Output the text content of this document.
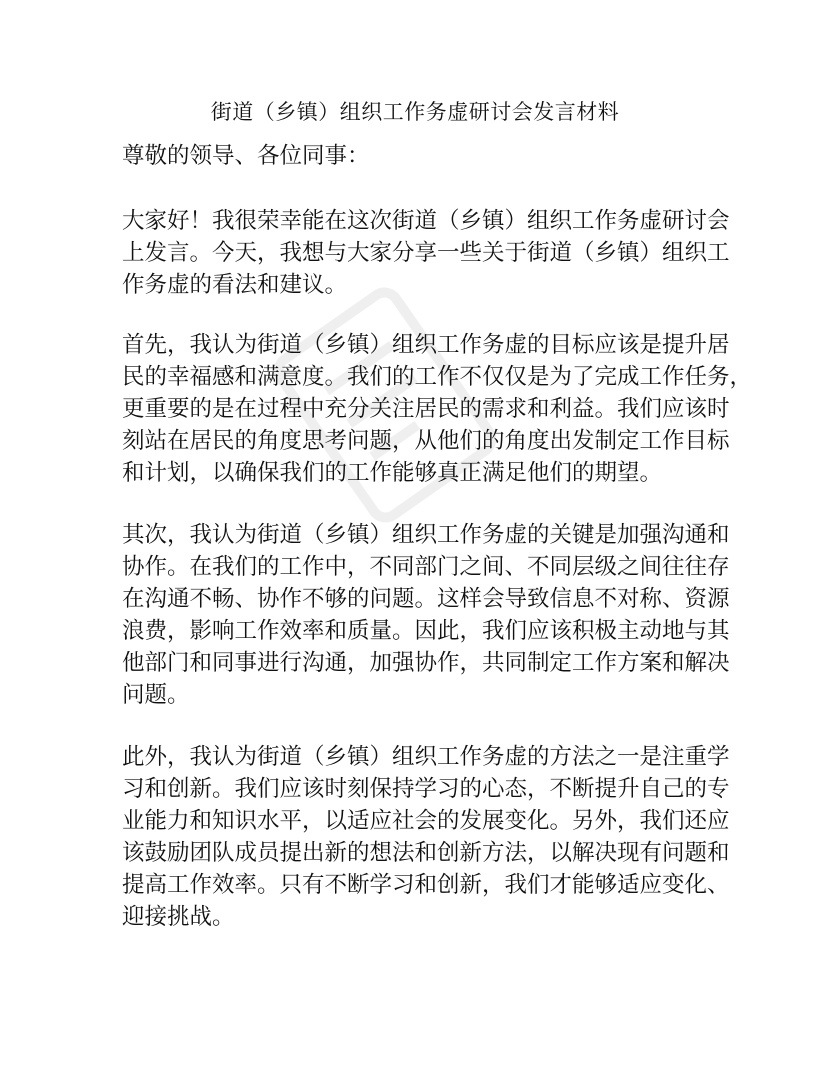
街道（乡镇）组织工作务虚研讨会发言材料
尊敬的领导、各位同事：
大家好！我很荣幸能在这次街道（乡镇）组织工作务虚研讨会
上发言。今天，我想与大家分享一些关于街道（乡镇）组织工
作务虚的看法和建议。
首先，我认为街道（乡镇）组织工作务虚的目标应该是提升居
民的幸福感和满意度。我们的工作不仅仅是为了完成工作任务，
更重要的是在过程中充分关注居民的需求和利益。我们应该时
刻站在居民的角度思考问题，从他们的角度出发制定工作目标
和计划，以确保我们的工作能够真正满足他们的期望。
其次，我认为街道（乡镇）组织工作务虚的关键是加强沟通和
协作。在我们的工作中，不同部门之间、不同层级之间往往存
在沟通不畅、协作不够的问题。这样会导致信息不对称、资源
浪费，影响工作效率和质量。因此，我们应该积极主动地与其
他部门和同事进行沟通，加强协作，共同制定工作方案和解决
问题。
此外，我认为街道（乡镇）组织工作务虚的方法之一是注重学
习和创新。我们应该时刻保持学习的心态，不断提升自己的专
业能力和知识水平，以适应社会的发展变化。另外，我们还应
该鼓励团队成员提出新的想法和创新方法，以解决现有问题和
提高工作效率。只有不断学习和创新，我们才能够适应变化、
迎接挑战。
